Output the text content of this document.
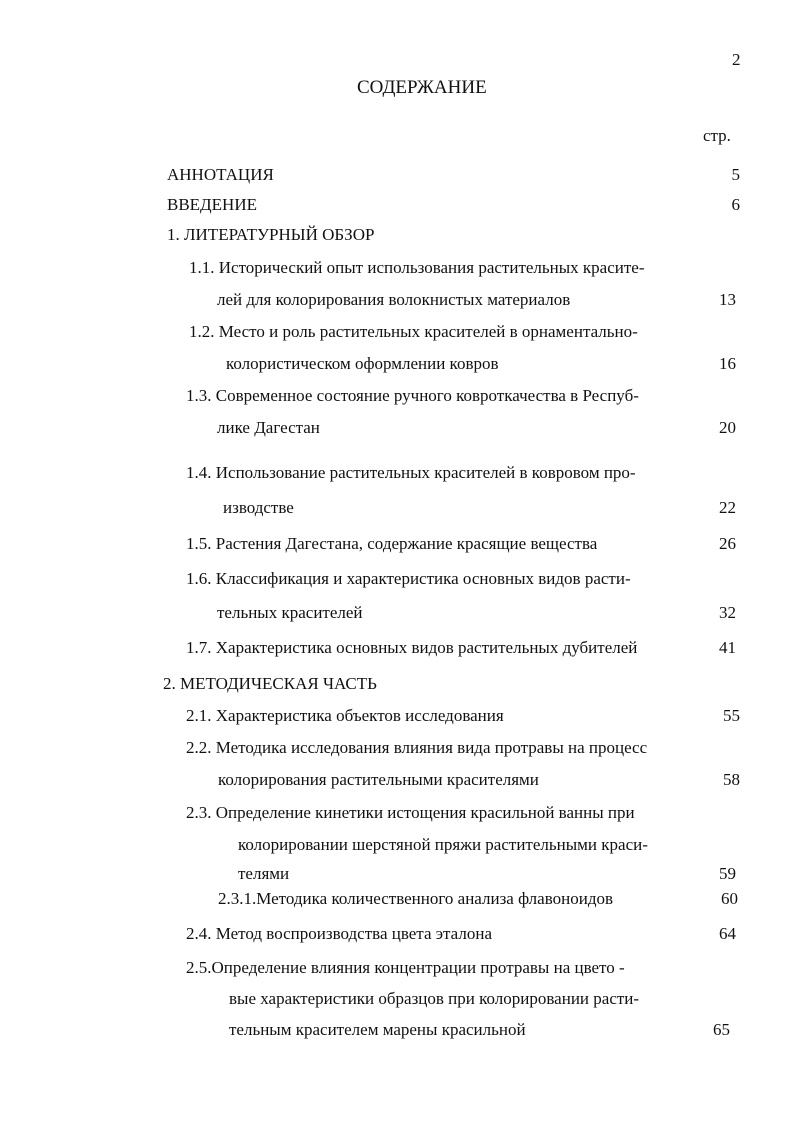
2
СОДЕРЖАНИЕ
стр.
АННОТАЦИЯ	5
ВВЕДЕНИЕ	6
1. ЛИТЕРАТУРНЫЙ ОБЗОР
1.1. Исторический опыт использования растительных красите-
лей для колорирования волокнистых материалов	13
1.2. Место и роль растительных красителей в орнаментально-
колористическом оформлении ковров	16
1.3. Современное состояние ручного ковроткачества в Респуб-
лике Дагестан	20
1.4. Использование растительных красителей в ковровом про-
изводстве	22
1.5. Растения Дагестана, содержание красящие вещества	26
1.6. Классификация и характеристика основных видов расти-
тельных красителей	32
1.7. Характеристика основных видов растительных дубителей	41
2. МЕТОДИЧЕСКАЯ ЧАСТЬ
2.1. Характеристика объектов исследования	55
2.2. Методика исследования влияния вида протравы на процесс
колорирования растительными красителями	58
2.3. Определение кинетики истощения красильной ванны при
колорировании шерстяной пряжи растительными краси-
телями	59
2.3.1.Методика количественного анализа флавоноидов	60
2.4. Метод воспроизводства цвета эталона	64
2.5.Определение влияния концентрации протравы на цвето -
вые характеристики образцов при колорировании расти-
тельным красителем марены красильной	65
